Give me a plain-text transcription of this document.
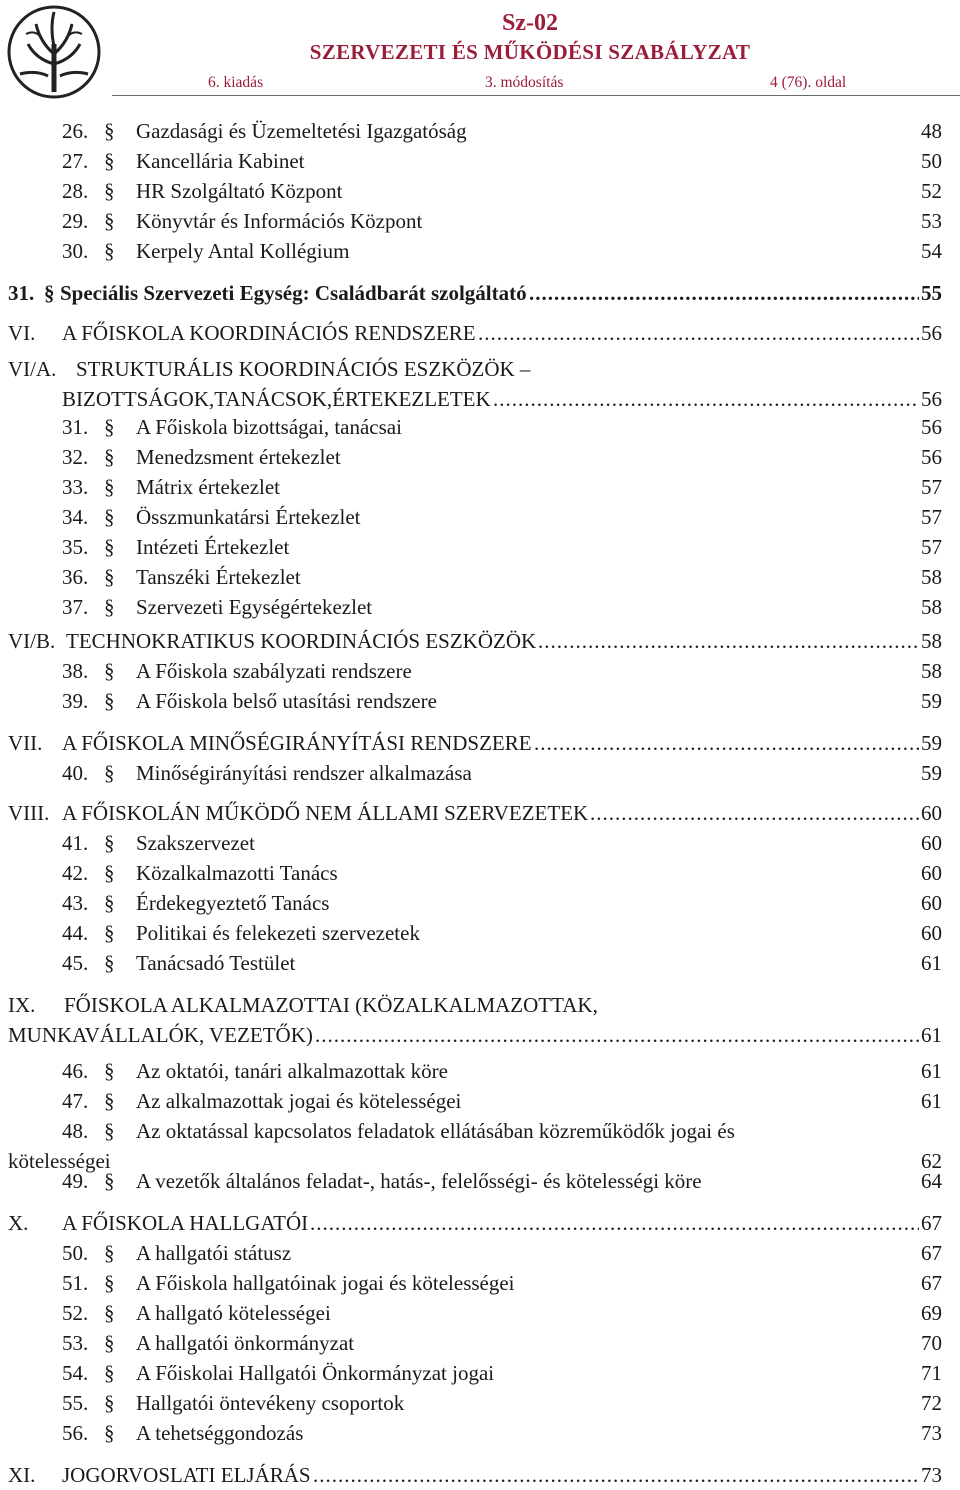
Sz-02
SZERVEZETI ÉS MŰKÖDÉSI SZABÁLYZAT
6. kiadás	3. módosítás	4 (76). oldal
26. § Gazdasági és Üzemeltetési Igazgatóság	48
27. § Kancellária Kabinet	50
28. § HR Szolgáltató Központ	52
29. § Könyvtár és Információs Központ	53
30. § Kerpely Antal Kollégium	54
31. § Speciális Szervezeti Egység: Családbarát szolgáltató	55
.....
VI. A FŐISKOLA KOORDINÁCIÓS RENDSZERE	56
.....
VI/A. STRUKTURÁLIS KOORDINÁCIÓS ESZKÖZÖK –
BIZOTTSÁGOK,TANÁCSOK,ÉRTEKEZLETEK	56
.....
31. § A Főiskola bizottságai, tanácsai	56
32. § Menedzsment értekezlet	56
33. § Mátrix értekezlet	57
34. § Összmunkatársi Értekezlet	57
35. § Intézeti Értekezlet	57
36. § Tanszéki Értekezlet	58
37. § Szervezeti Egységértekezlet	58
VI/B. TECHNOKRATIKUS KOORDINÁCIÓS ESZKÖZÖK	58
.....
38. § A Főiskola szabályzati rendszere	58
39. § A Főiskola belső utasítási rendszere	59
VII. A FŐISKOLA MINŐSÉGIRÁNYÍTÁSI RENDSZERE	59
.....
40. § Minőségirányítási rendszer alkalmazása	59
VIII. A FŐISKOLÁN MŰKÖDŐ NEM ÁLLAMI SZERVEZETEK	60
.....
41. § Szakszervezet	60
42. § Közalkalmazotti Tanács	60
43. § Érdekegyeztető Tanács	60
44. § Politikai és felekezeti szervezetek	60
45. § Tanácsadó Testület	61
IX. FŐISKOLA ALKALMAZOTTAI (KÖZALKALMAZOTTAK,
MUNKAVÁLLALÓK, VEZETŐK)	61
.....
46. § Az oktatói, tanári alkalmazottak köre	61
47. § Az alkalmazottak jogai és kötelességei	61
48. § Az oktatással kapcsolatos feladatok ellátásában közreműködők jogai és
kötelességei	62
49. § A vezetők általános feladat-, hatás-, felelősségi- és kötelességi köre	64
X. A FŐISKOLA HALLGATÓI	67
.....
50. § A hallgatói státusz	67
51. § A Főiskola hallgatóinak jogai és kötelességei	67
52. § A hallgató kötelességei	69
53. § A hallgatói önkormányzat	70
54. § A Főiskolai Hallgatói Önkormányzat jogai	71
55. § Hallgatói öntevékeny csoportok	72
56. § A tehetséggondozás	73
XI. JOGORVOSLATI ELJÁRÁS	73
.....
